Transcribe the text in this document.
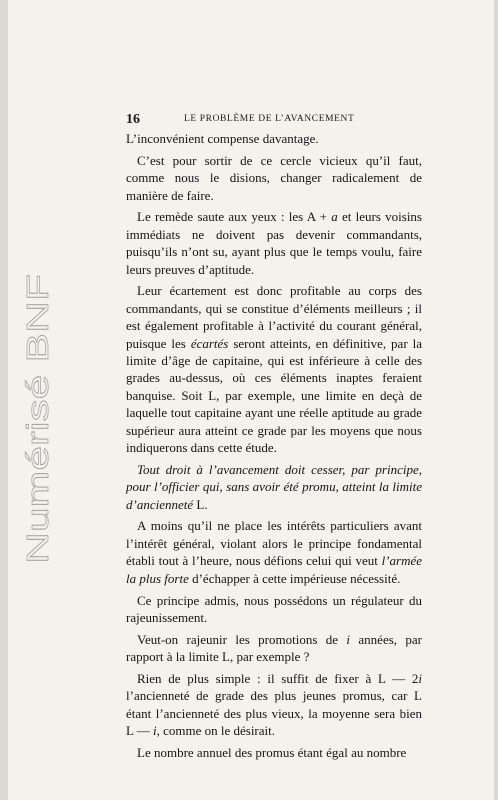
Numérisé BNF
16	LE PROBLÈME DE L’AVANCEMENT

L’inconvénient compense davantage.

C’est pour sortir de ce cercle vicieux qu’il faut, comme nous le disions, changer radicalement de manière de faire.

Le remède saute aux yeux : les A + a et leurs voisins immédiats ne doivent pas devenir commandants, puisqu’ils n’ont su, ayant plus que le temps voulu, faire leurs preuves d’aptitude.

Leur écartement est donc profitable au corps des commandants, qui se constitue d’éléments meilleurs ; il est également profitable à l’activité du courant général, puisque les écartés seront atteints, en définitive, par la limite d’âge de capitaine, qui est inférieure à celle des grades au-dessus, où ces éléments inaptes feraient banquise. Soit L, par exemple, une limite en deçà de laquelle tout capitaine ayant une réelle aptitude au grade supérieur aura atteint ce grade par les moyens que nous indiquerons dans cette étude.

Tout droit à l’avancement doit cesser, par principe, pour l’officier qui, sans avoir été promu, atteint la limite d’ancienneté L.

A moins qu’il ne place les intérêts particuliers avant l’intérêt général, violant alors le principe fondamental établi tout à l’heure, nous défions celui qui veut l’armée la plus forte d’échapper à cette impérieuse nécessité.

Ce principe admis, nous possédons un régulateur du rajeunissement.

Veut-on rajeunir les promotions de i années, par rapport à la limite L, par exemple ?

Rien de plus simple : il suffit de fixer à L — 2i l’ancienneté de grade des plus jeunes promus, car L étant l’ancienneté des plus vieux, la moyenne sera bien L — i, comme on le désirait.

Le nombre annuel des promus étant égal au nombre
